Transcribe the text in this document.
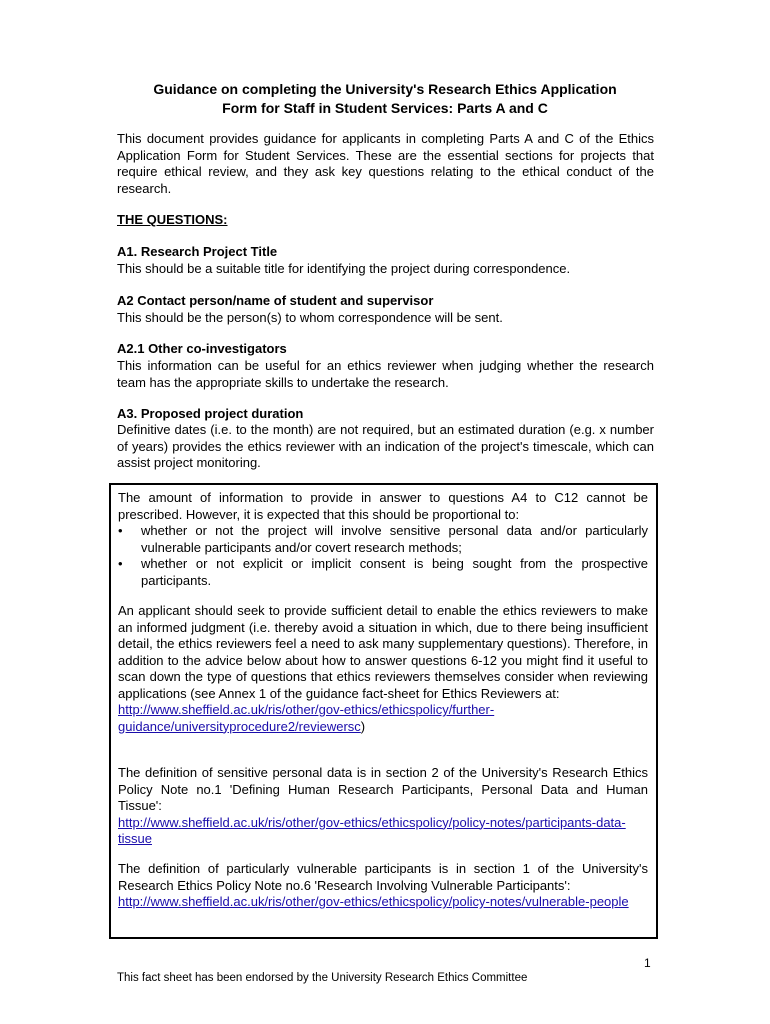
Guidance on completing the University's Research Ethics Application
Form for Staff in Student Services: Parts A and C

This document provides guidance for applicants in completing Parts A and C of the Ethics Application Form for Student Services. These are the essential sections for projects that require ethical review, and they ask key questions relating to the ethical conduct of the research.

THE QUESTIONS:

A1. Research Project Title

This should be a suitable title for identifying the project during correspondence.

A2 Contact person/name of student and supervisor

This should be the person(s) to whom correspondence will be sent.

A2.1 Other co-investigators

This information can be useful for an ethics reviewer when judging whether the research team has the appropriate skills to undertake the research.

A3. Proposed project duration

Definitive dates (i.e. to the month) are not required, but an estimated duration (e.g. x number of years) provides the ethics reviewer with an indication of the project's timescale, which can assist project monitoring.

The amount of information to provide in answer to questions A4 to C12 cannot be prescribed. However, it is expected that this should be proportional to:

• whether or not the project will involve sensitive personal data and/or particularly vulnerable participants and/or covert research methods;
• whether or not explicit or implicit consent is being sought from the prospective participants.

An applicant should seek to provide sufficient detail to enable the ethics reviewers to make an informed judgment (i.e. thereby avoid a situation in which, due to there being insufficient detail, the ethics reviewers feel a need to ask many supplementary questions). Therefore, in addition to the advice below about how to answer questions 6-12 you might find it useful to scan down the type of questions that ethics reviewers themselves consider when reviewing applications (see Annex 1 of the guidance fact-sheet for Ethics Reviewers at:
http://www.sheffield.ac.uk/ris/other/gov-ethics/ethicspolicy/further-guidance/universityprocedure2/reviewersc)

The definition of sensitive personal data is in section 2 of the University's Research Ethics Policy Note no.1 'Defining Human Research Participants, Personal Data and Human Tissue':
http://www.sheffield.ac.uk/ris/other/gov-ethics/ethicspolicy/policy-notes/participants-data-tissue

The definition of particularly vulnerable participants is in section 1 of the University's Research Ethics Policy Note no.6 'Research Involving Vulnerable Participants':
http://www.sheffield.ac.uk/ris/other/gov-ethics/ethicspolicy/policy-notes/vulnerable-people

1
This fact sheet has been endorsed by the University Research Ethics Committee
